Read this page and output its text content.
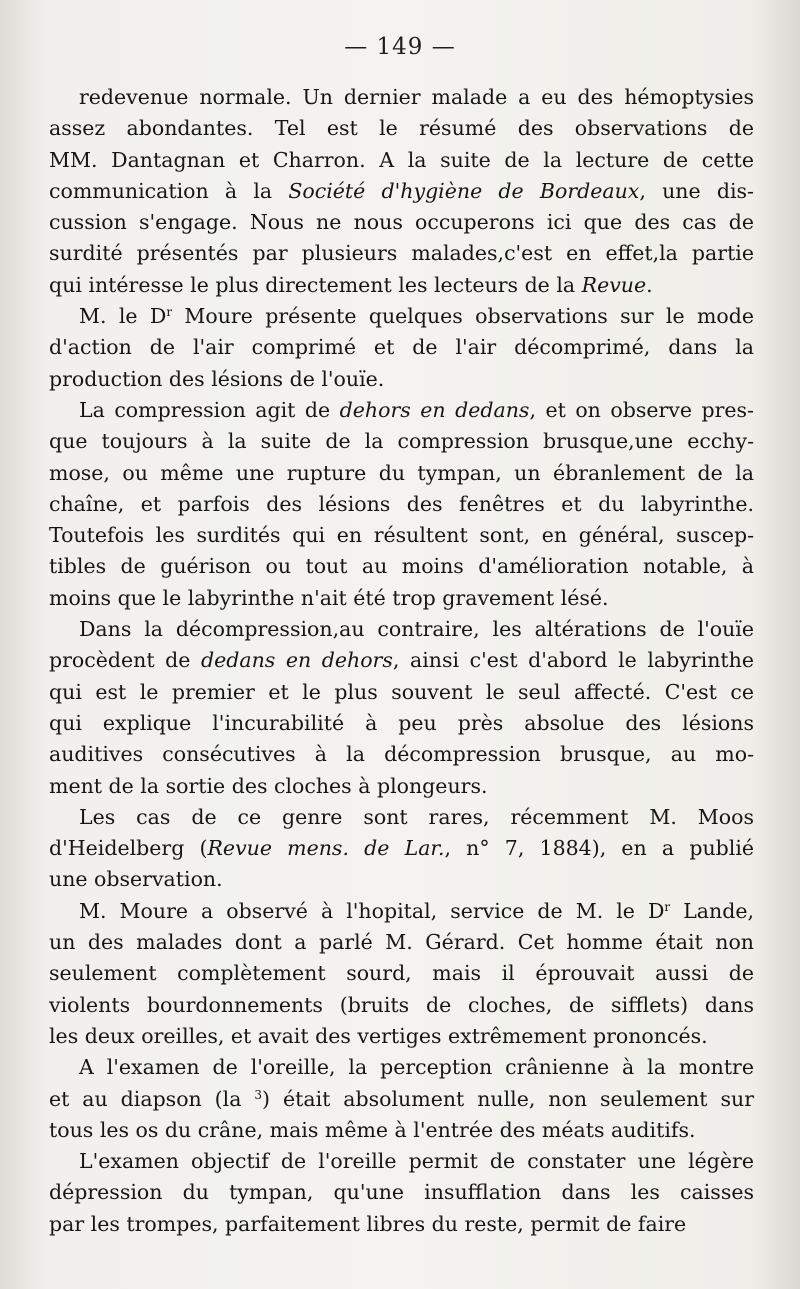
— 149 —
redevenue normale. Un dernier malade a eu des hémoptysies
assez abondantes. Tel est le résumé des observations de
MM. Dantagnan et Charron. A la suite de la lecture de cette
communication à la Société d'hygiène de Bordeaux, une dis-
cussion s'engage. Nous ne nous occuperons ici que des cas de
surdité présentés par plusieurs malades,c'est en effet,la partie
qui intéresse le plus directement les lecteurs de la Revue.
M. le $D^r$ Moure présente quelques observations sur le mode
d'action de l'air comprimé et de l'air décomprimé, dans la
production des lésions de l'ouïe.
La compression agit de dehors en dedans, et on observe pres-
que toujours à la suite de la compression brusque,une ecchy-
mose, ou même une rupture du tympan, un ébranlement de la
chaîne, et parfois des lésions des fenêtres et du labyrinthe.
Toutefois les surdités qui en résultent sont, en général, suscep-
tibles de guérison ou tout au moins d'amélioration notable, à
moins que le labyrinthe n'ait été trop gravement lésé.
Dans la décompression,au contraire, les altérations de l'ouïe
procèdent de dedans en dehors, ainsi c'est d'abord le labyrinthe
qui est le premier et le plus souvent le seul affecté. C'est ce
qui explique l'incurabilité à peu près absolue des lésions
auditives consécutives à la décompression brusque, au mo-
ment de la sortie des cloches à plongeurs.
Les cas de ce genre sont rares, récemment M. Moos
d'Heidelberg (Revue mens. de Lar., n° 7, 1884), en a publié
une observation.
M. Moure a observé à l'hopital, service de M. le $D^r$ Lande,
un des malades dont a parlé M. Gérard. Cet homme était non
seulement complètement sourd, mais il éprouvait aussi de
violents bourdonnements (bruits de cloches, de sifflets) dans
les deux oreilles, et avait des vertiges extrêmement prononcés.
A l'examen de l'oreille, la perception crânienne à la montre
et au diapson (la $^3$) était absolument nulle, non seulement sur
tous les os du crâne, mais même à l'entrée des méats auditifs.
L'examen objectif de l'oreille permit de constater une légère
dépression du tympan, qu'une insufflation dans les caisses
par les trompes, parfaitement libres du reste, permit de faire
